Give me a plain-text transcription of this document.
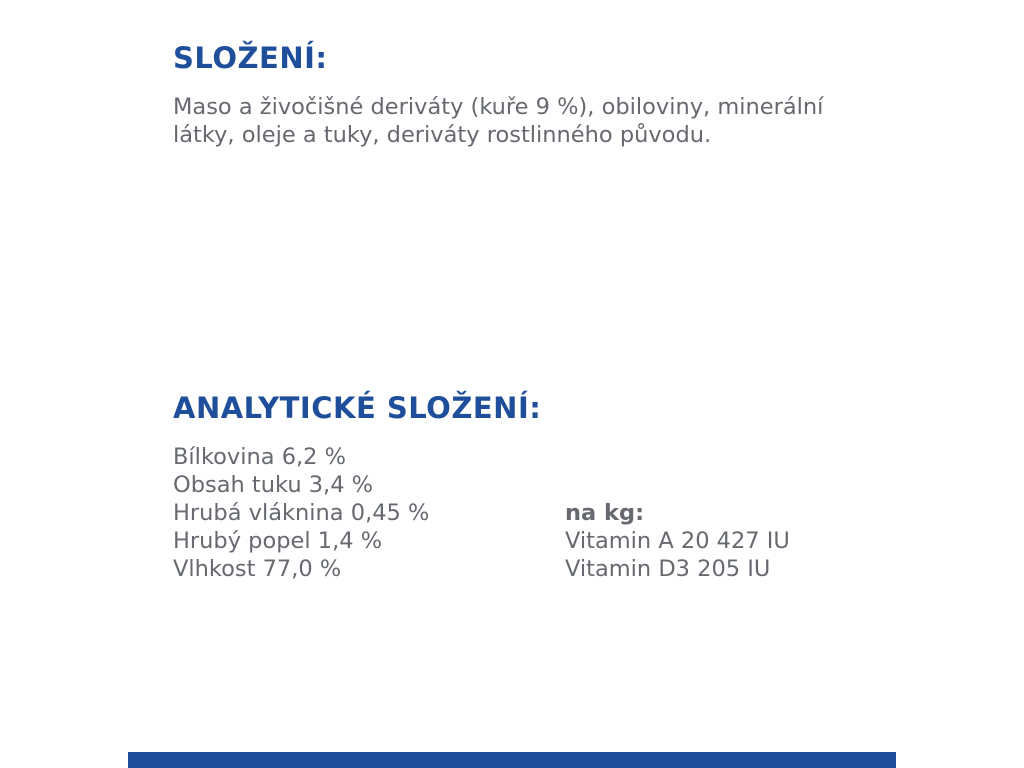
SLOŽENÍ:

Maso a živočišné deriváty (kuře 9 %), obiloviny, minerální látky, oleje a tuky, deriváty rostlinného původu.

ANALYTICKÉ SLOŽENÍ:
Bílkovina 6,2 %
Obsah tuku 3,4 %
Hrubá vláknina 0,45 %
Hrubý popel 1,4 %
Vlhkost 77,0 %
na kg:
Vitamin A 20 427 IU
Vitamin D3 205 IU
